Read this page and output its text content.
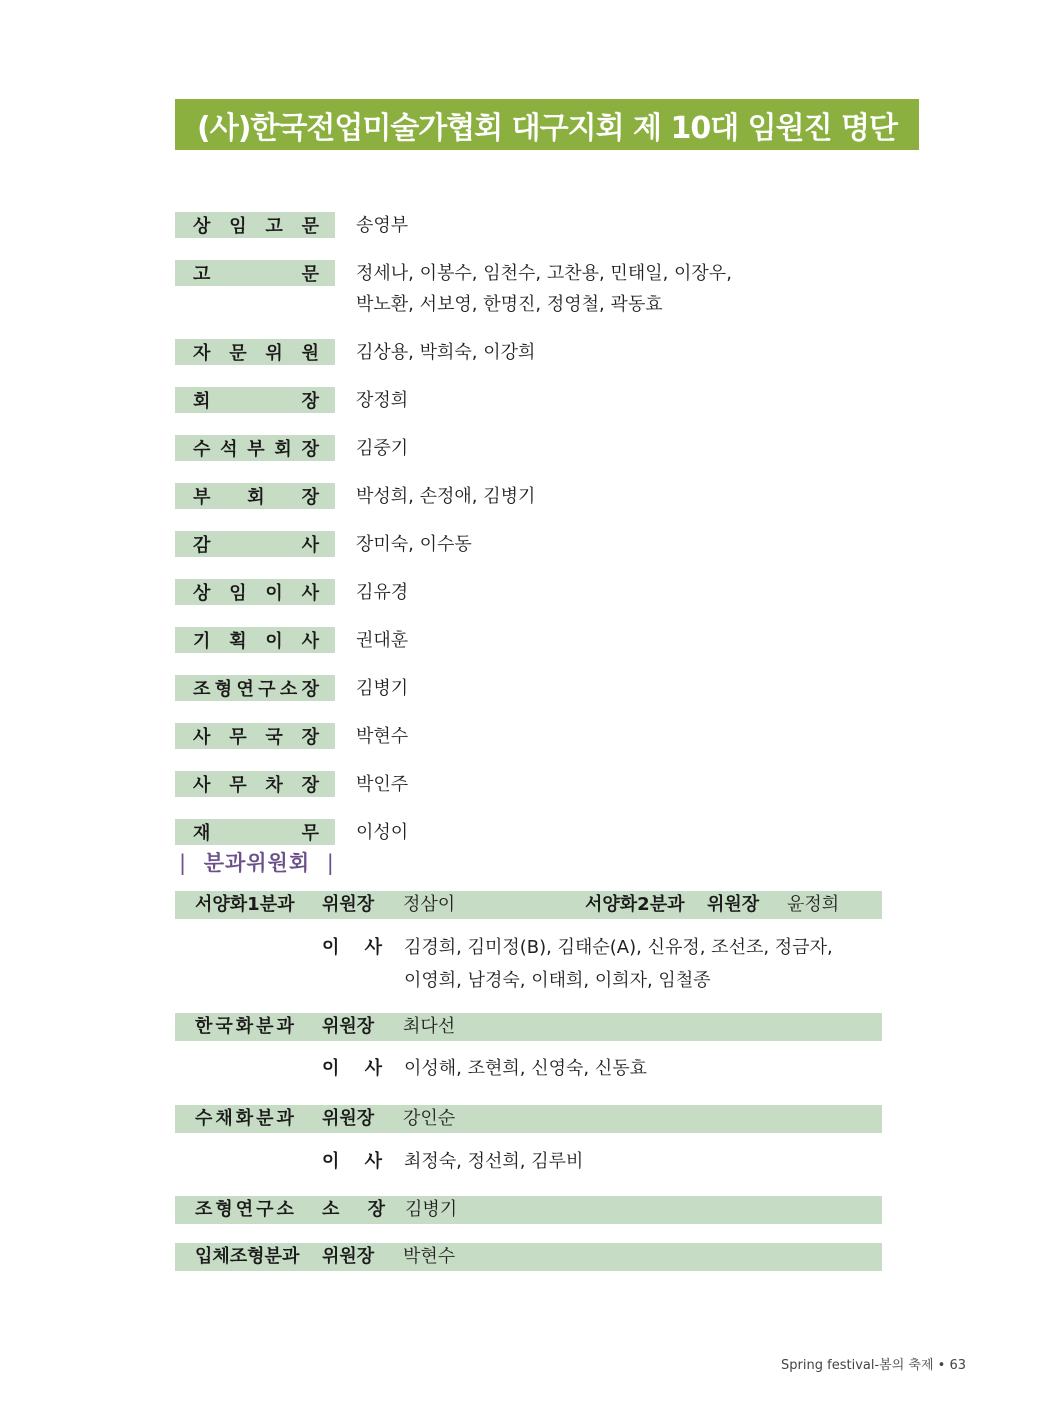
(사)한국전업미술가협회 대구지회 제 10대 임원진 명단
상 임 고 문 송영부
고	문 정세나, 이봉수, 임천수, 고찬용, 민태일, 이장우,
박노환, 서보영, 한명진, 정영철, 곽동효
자 문 위 원 김상용, 박희숙, 이강희
회	장 장정희
수 석 부 회 장 김중기
부 회 장 박성희, 손정애, 김병기
감	사 장미숙, 이수동
상 임 이 사 김유경
기 획 이 사 권대훈
조 형 연 구 소 장 김병기
사 무 국 장 박현수
사 무 차 장 박인주
재	무 이성이
| 분과위원회 |
서양화1분과 위원장 정삼이	서양화2분과 위원장 윤정희
이 사 김경희, 김미정(B), 김태순(A), 신유정, 조선조, 정금자,
이영희, 남경숙, 이태희, 이희자, 임철종
한국화분과 위원장 최다선
이 사 이성해, 조현희, 신영숙, 신동효
수채화분과 위원장 강인순
이 사 최정숙, 정선희, 김루비
조형연구소 소 장 김병기
입체조형분과 위원장 박현수
Spring festival-봄의 축제 • 63
